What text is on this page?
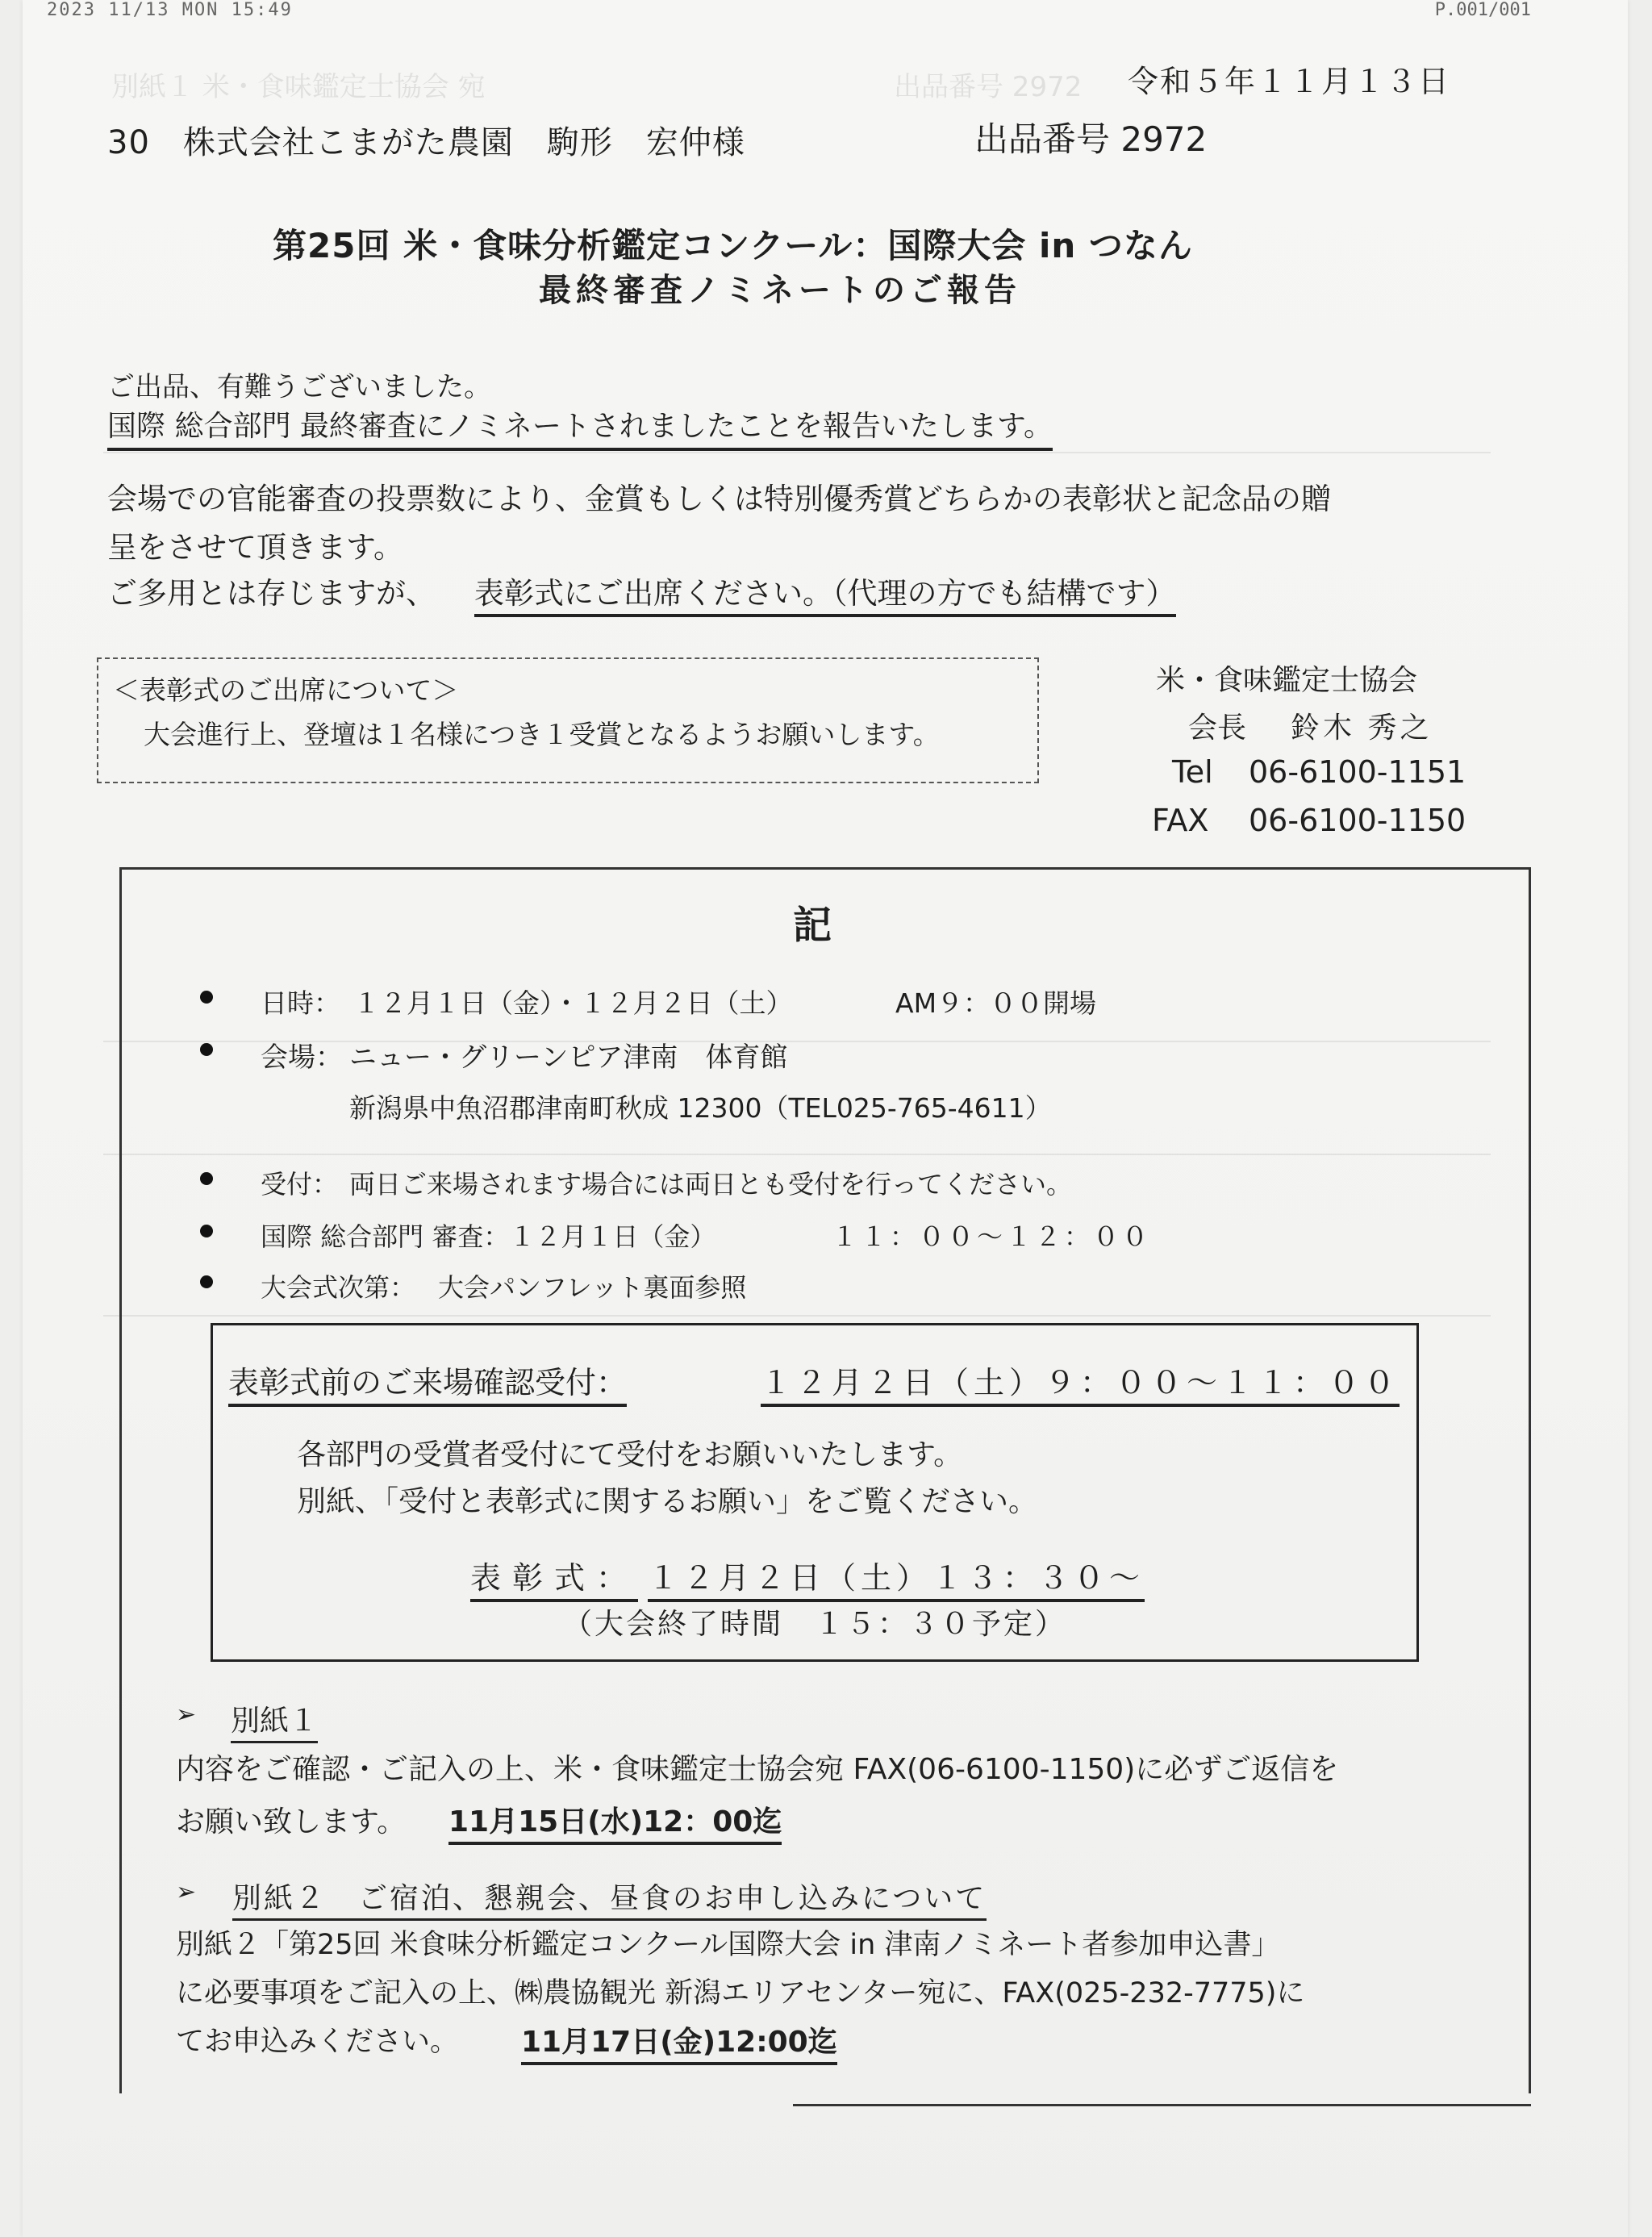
別紙１ 米・食味鑑定士協会 宛	出品番号 2972
2023 11/13 MON 15:49	P.001/001
令和５年１１月１３日
30　株式会社こまがた農園　駒形　宏仲様	出品番号 2972
第25回 米・食味分析鑑定コンクール：国際大会 in つなん
最終審査ノミネートのご報告
ご出品、有難うございました。
国際 総合部門 最終審査にノミネートされましたことを報告いたします。
会場での官能審査の投票数により、金賞もしくは特別優秀賞どちらかの表彰状と記念品の贈
呈をさせて頂きます。
ご多用とは存じますが、 表彰式にご出席ください。（代理の方でも結構です）
＜表彰式のご出席について＞
大会進行上、登壇は１名様につき１受賞となるようお願いします。
米・食味鑑定士協会
会長 鈴木 秀之
Tel 06-6100-1151
FAX 06-6100-1150
記
日時： １２月１日（金）・１２月２日（土）	AM９：００開場
会場： ニュー・グリーンピア津南　体育館
新潟県中魚沼郡津南町秋成 12300（TEL025-765-4611）
受付： 両日ご来場されます場合には両日とも受付を行ってください。
国際 総合部門 審査：１２月１日（金）	１１：００～１２：００
大会式次第： 大会パンフレット裏面参照
表彰式前のご来場確認受付：	１２月２日（土）９：００～１１：００
各部門の受賞者受付にて受付をお願いいたします。
別紙、「受付と表彰式に関するお願い」をご覧ください。
表彰式： １２月２日（土）１３：３０～
（大会終了時間　１５：３０予定）
➢ 別紙１
内容をご確認・ご記入の上、米・食味鑑定士協会宛 FAX(06-6100-1150)に必ずご返信を
お願い致します。 11月15日(水)12：00迄
➢ 別紙２　ご宿泊、懇親会、昼食のお申し込みについて
別紙２「第25回 米食味分析鑑定コンクール国際大会 in 津南ノミネート者参加申込書」
に必要事項をご記入の上、㈱農協観光 新潟エリアセンター宛に、FAX(025-232-7775)に
てお申込みください。 11月17日(金)12:00迄
